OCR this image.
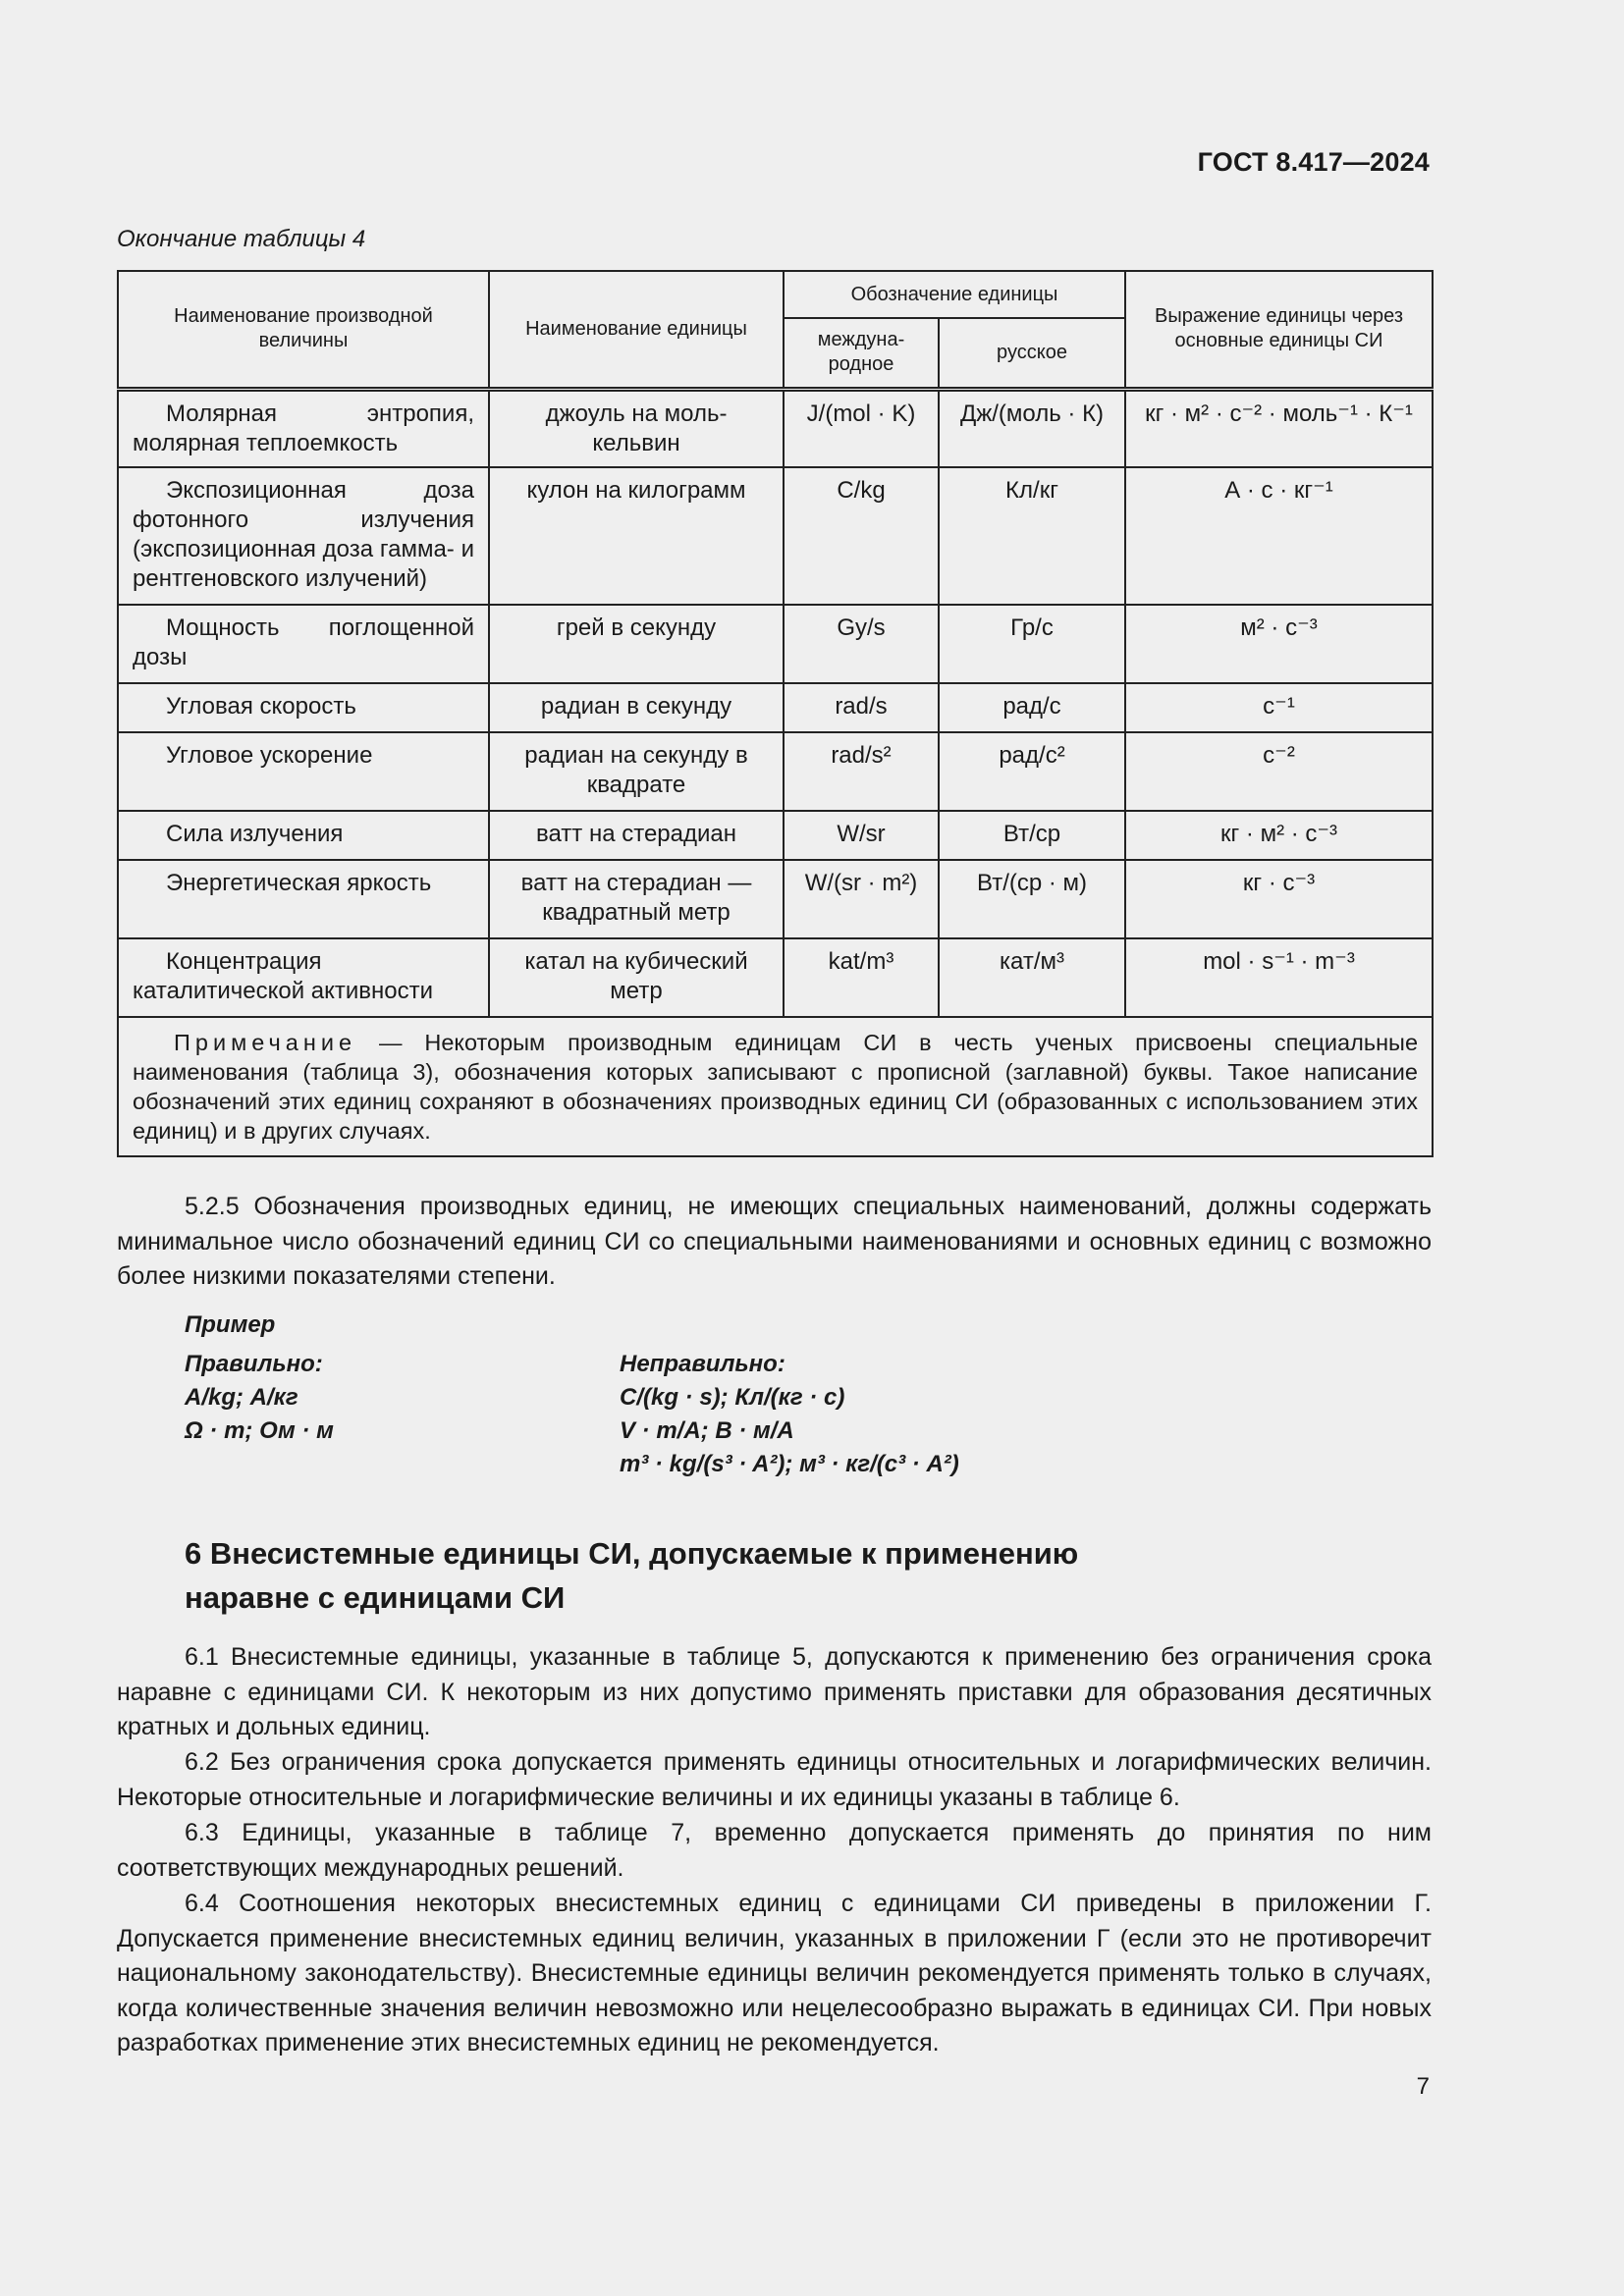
ГОСТ 8.417—2024
Окончание таблицы 4
Наименование производной величины	Наименование единицы	Обозначение единицы		Выражение единицы через основные единицы СИ
		междуна-родное	русское	
Молярная энтропия, молярная теплоемкость	джоуль на моль-кельвин	J/(mol · K)	Дж/(моль · К)	кг · м² · с⁻² · моль⁻¹ · К⁻¹
Экспозиционная доза фотонного излучения (экспозиционная доза гамма- и рентгеновского излучений)	кулон на килограмм	C/kg	Кл/кг	А · с · кг⁻¹
Мощность поглощенной дозы	грей в секунду	Gy/s	Гр/с	м² · с⁻³
Угловая скорость	радиан в секунду	rad/s	рад/с	с⁻¹
Угловое ускорение	радиан на секунду в квадрате	rad/s²	рад/с²	с⁻²
Сила излучения	ватт на стерадиан	W/sr	Вт/ср	кг · м² · с⁻³
Энергетическая яркость	ватт на стерадиан — квадратный метр	W/(sr · m²)	Вт/(ср · м)	кг · с⁻³
Концентрация каталитической активности	катал на кубический метр	kat/m³	кат/м³	mol · s⁻¹ · m⁻³
Примечание — Некоторым производным единицам СИ в честь ученых присвоены специальные наименования (таблица 3), обозначения которых записывают с прописной (заглавной) буквы. Такое написание обозначений этих единиц сохраняют в обозначениях производных единиц СИ (образованных с использованием этих единиц) и в других случаях.				

5.2.5 Обозначения производных единиц, не имеющих специальных наименований, должны содержать минимальное число обозначений единиц СИ со специальными наименованиями и основных единиц с возможно более низкими показателями степени.

Пример
Правильно:
A/kg; А/кг
Ω · m; Ом · м
Неправильно:
C/(kg · s); Кл/(кг · с)
V · m/A; В · м/А
m³ · kg/(s³ · A²); м³ · кг/(с³ · А²)
6 Внесистемные единицы СИ, допускаемые к применению
наравне с единицами СИ

6.1 Внесистемные единицы, указанные в таблице 5, допускаются к применению без ограничения срока наравне с единицами СИ. К некоторым из них допустимо применять приставки для образования десятичных кратных и дольных единиц.

6.2 Без ограничения срока допускается применять единицы относительных и логарифмических величин. Некоторые относительные и логарифмические величины и их единицы указаны в таблице 6.

6.3 Единицы, указанные в таблице 7, временно допускается применять до принятия по ним соответствующих международных решений.

6.4 Соотношения некоторых внесистемных единиц с единицами СИ приведены в приложении Г. Допускается применение внесистемных единиц величин, указанных в приложении Г (если это не противоречит национальному законодательству). Внесистемные единицы величин рекомендуется применять только в случаях, когда количественные значения величин невозможно или нецелесообразно выражать в единицах СИ. При новых разработках применение этих внесистемных единиц не рекомендуется.

7
